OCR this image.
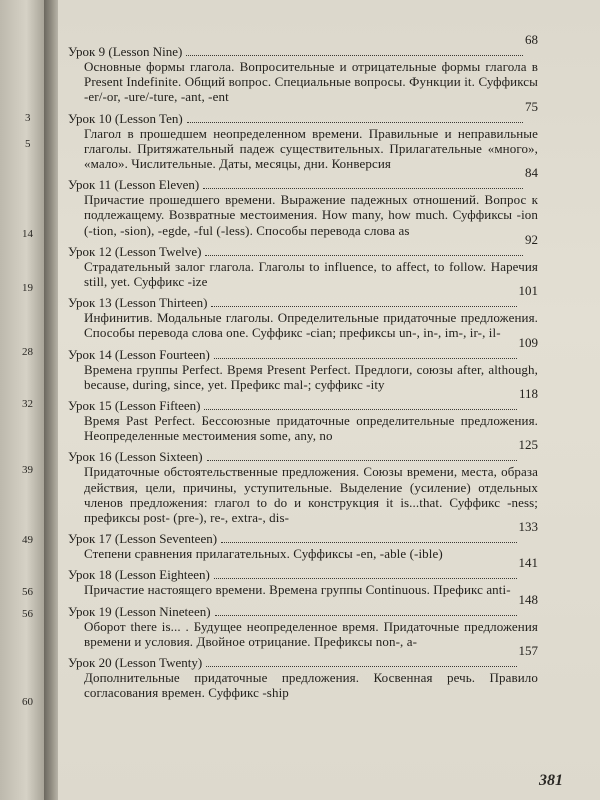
3
5
14
19
28
32
39
49
56
56
60
Урок 9 (Lesson Nine)
68
Основные формы глагола. Вопросительные и отрицательные формы глагола в Present Indefinite. Общий вопрос. Специальные вопросы. Функции it. Суффиксы -er/-or, -ure/-ture, -ant, -ent
Урок 10 (Lesson Ten)
75
Глагол в прошедшем неопределенном времени. Правильные и неправильные глаголы. Притяжательный падеж существительных. Прилагательные «много», «мало». Числительные. Даты, месяцы, дни. Конверсия
Урок 11 (Lesson Eleven)
84
Причастие прошедшего времени. Выражение падежных отношений. Вопрос к подлежащему. Возвратные местоимения. How many, how much. Суффиксы -ion (-tion, -sion), -egde, -ful (-less). Способы перевода слова as
Урок 12 (Lesson Twelve)
92
Страдательный залог глагола. Глаголы to influence, to affect, to follow. Наречия still, yet. Суффикс -ize
Урок 13 (Lesson Thirteen)
101
Инфинитив. Модальные глаголы. Определительные придаточные предложения. Способы перевода слова one. Суффикс -cian; префиксы un-, in-, im-, ir-, il-
Урок 14 (Lesson Fourteen)
109
Времена группы Perfect. Время Present Perfect. Предлоги, союзы after, although, because, during, since, yet. Префикс mal-; суффикс -ity
Урок 15 (Lesson Fifteen)
118
Время Past Perfect. Бессоюзные придаточные определительные предложения. Неопределенные местоимения some, any, no
Урок 16 (Lesson Sixteen)
125
Придаточные обстоятельственные предложения. Союзы времени, места, образа действия, цели, причины, уступительные. Выделение (усиление) отдельных членов предложения: глагол to do и конструкция it is...that. Суффикс -ness; префиксы post- (pre-), re-, extra-, dis-
Урок 17 (Lesson Seventeen)
133
Степени сравнения прилагательных. Суффиксы -en, -able (-ible)
Урок 18 (Lesson Eighteen)
141
Причастие настоящего времени. Времена группы Continuous. Префикс anti-
Урок 19 (Lesson Nineteen)
148
Оборот there is... . Будущее неопределенное время. Придаточные предложения времени и условия. Двойное отрицание. Префиксы non-, a-
Урок 20 (Lesson Twenty)
157
Дополнительные придаточные предложения. Косвенная речь. Правило согласования времен. Суффикс -ship
381
